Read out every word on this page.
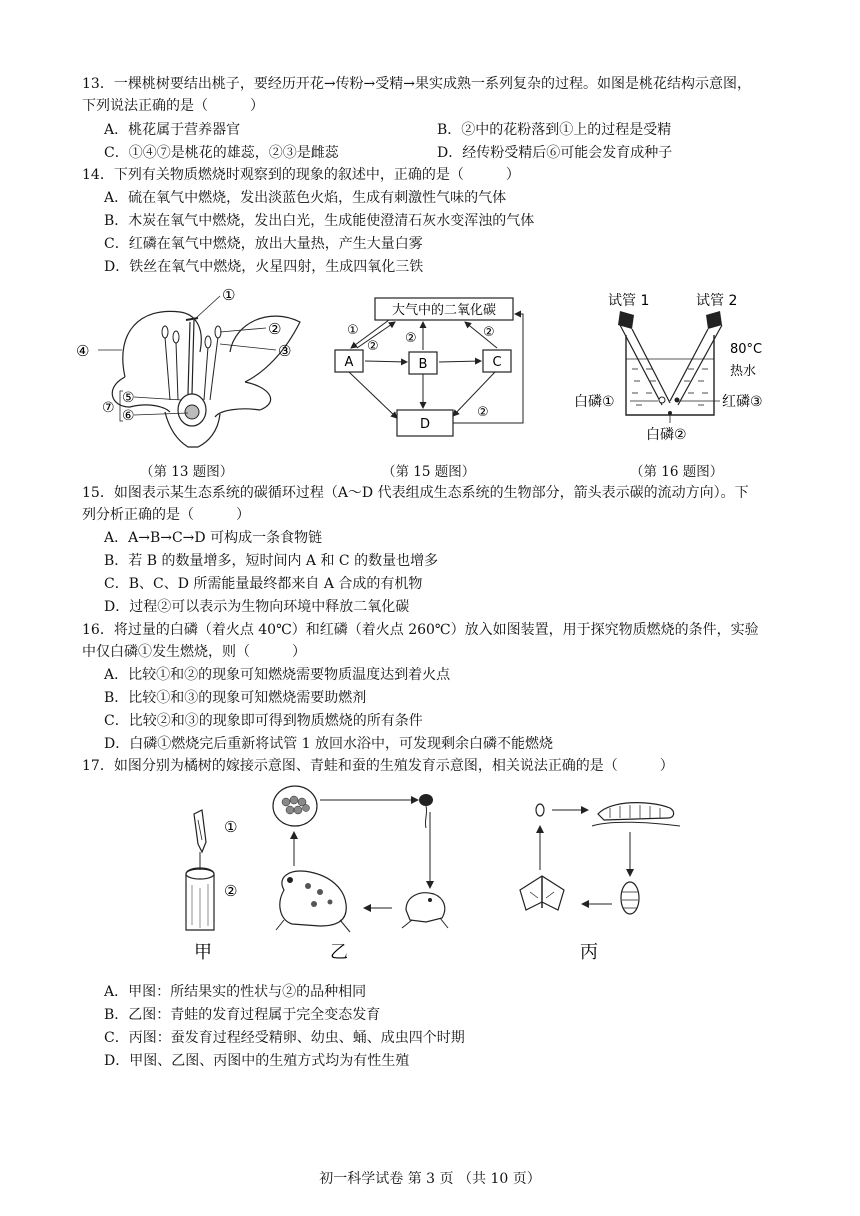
13．一棵桃树要结出桃子，要经历开花→传粉→受精→果实成熟一系列复杂的过程。如图是桃花结构示意图，
下列说法正确的是（　　　）
A．桃花属于营养器官	B．②中的花粉落到①上的过程是受精
C．①④⑦是桃花的雄蕊，②③是雌蕊	D．经传粉受精后⑥可能会发育成种子
14．下列有关物质燃烧时观察到的现象的叙述中，正确的是（　　　）
A．硫在氧气中燃烧，发出淡蓝色火焰，生成有刺激性气味的气体
B．木炭在氧气中燃烧，发出白光，生成能使澄清石灰水变浑浊的气体
C．红磷在氧气中燃烧，放出大量热，产生大量白雾
D．铁丝在氧气中燃烧，火星四射，生成四氧化三铁
①
②
③
④
⑤
⑥
⑦
（第 13 题图）
大气中的二氧化碳
A	B	C
D
①
②
②	②
②
（第 15 题图）
试管 1	试管 2
80°C
热水
白磷①	红磷③
白磷②
（第 16 题图）
15．如图表示某生态系统的碳循环过程（A～D 代表组成生态系统的生物部分，箭头表示碳的流动方向）。下
列分析正确的是（　　　）
A．A→B→C→D 可构成一条食物链
B．若 B 的数量增多，短时间内 A 和 C 的数量也增多
C．B、C、D 所需能量最终都来自 A 合成的有机物
D．过程②可以表示为生物向环境中释放二氧化碳
16．将过量的白磷（着火点 40℃）和红磷（着火点 260℃）放入如图装置，用于探究物质燃烧的条件，实验
中仅白磷①发生燃烧，则（　　　）
A．比较①和②的现象可知燃烧需要物质温度达到着火点
B．比较①和③的现象可知燃烧需要助燃剂
C．比较②和③的现象即可得到物质燃烧的所有条件
D．白磷①燃烧完后重新将试管 1 放回水浴中，可发现剩余白磷不能燃烧
17．如图分别为橘树的嫁接示意图、青蛙和蚕的生殖发育示意图，相关说法正确的是（　　　）
①
②
甲	乙	丙
A．甲图：所结果实的性状与②的品种相同
B．乙图：青蛙的发育过程属于完全变态发育
C．丙图：蚕发育过程经受精卵、幼虫、蛹、成虫四个时期
D．甲图、乙图、丙图中的生殖方式均为有性生殖
初一科学试卷 第 3 页 （共 10 页）
